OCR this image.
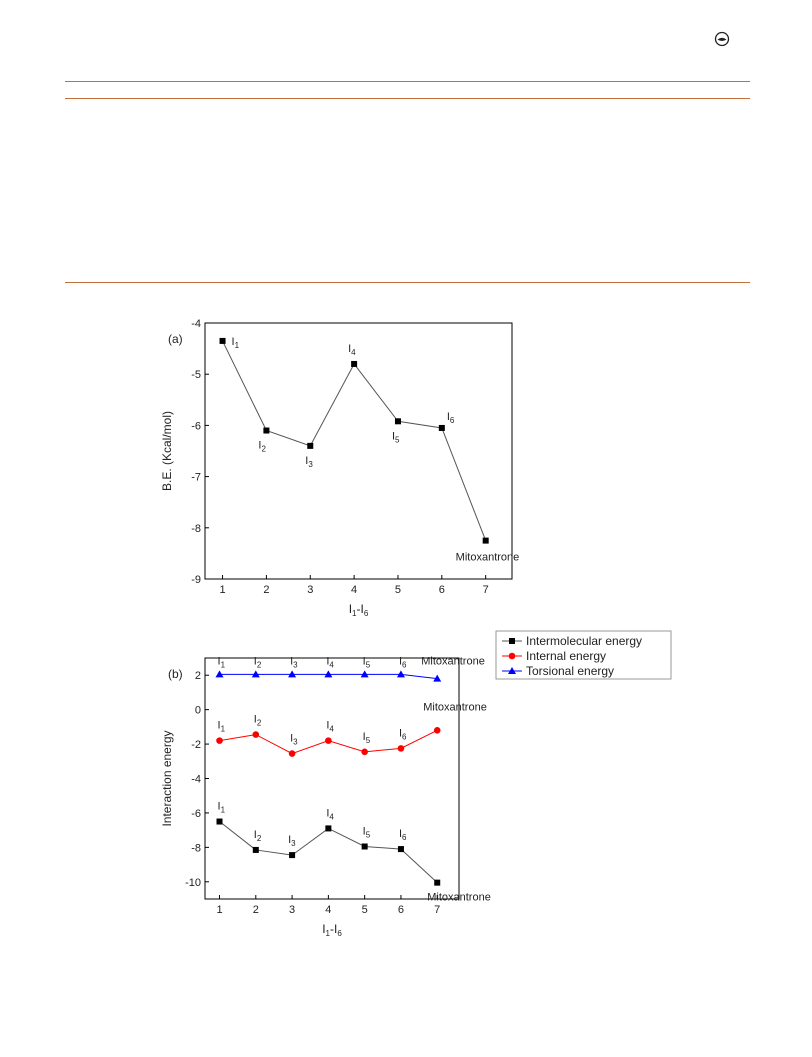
1	2	3	4	5	6	7
-4
-5
-6
-7
-8
-9
$I_1-I_6$
B.E. (Kcal/mol)
(a)	$I_1$
$I_2$
$I_3$
$I_4$
$I_5$
$I_6$
Mitoxantrone
1	2	3	4	5	6	7
2
0
-2
-4
-6
-8
-10
$I_1-I_6$
Interaction energy
(b)
$I_1$
$I_2$ $I_3$
$I_4$
$I_5$	$I_6$
Mitoxantrone
$I_1$
$I_2$
$I_3$
$I_4$
$I_5$
$I_6$
Mitoxantrone
$I_1$	$I_2$	$I_3$	$I_4$	$I_5$	$I_6$ Mitoxantrone
Intermolecular energy
Internal energy
Torsional energy
